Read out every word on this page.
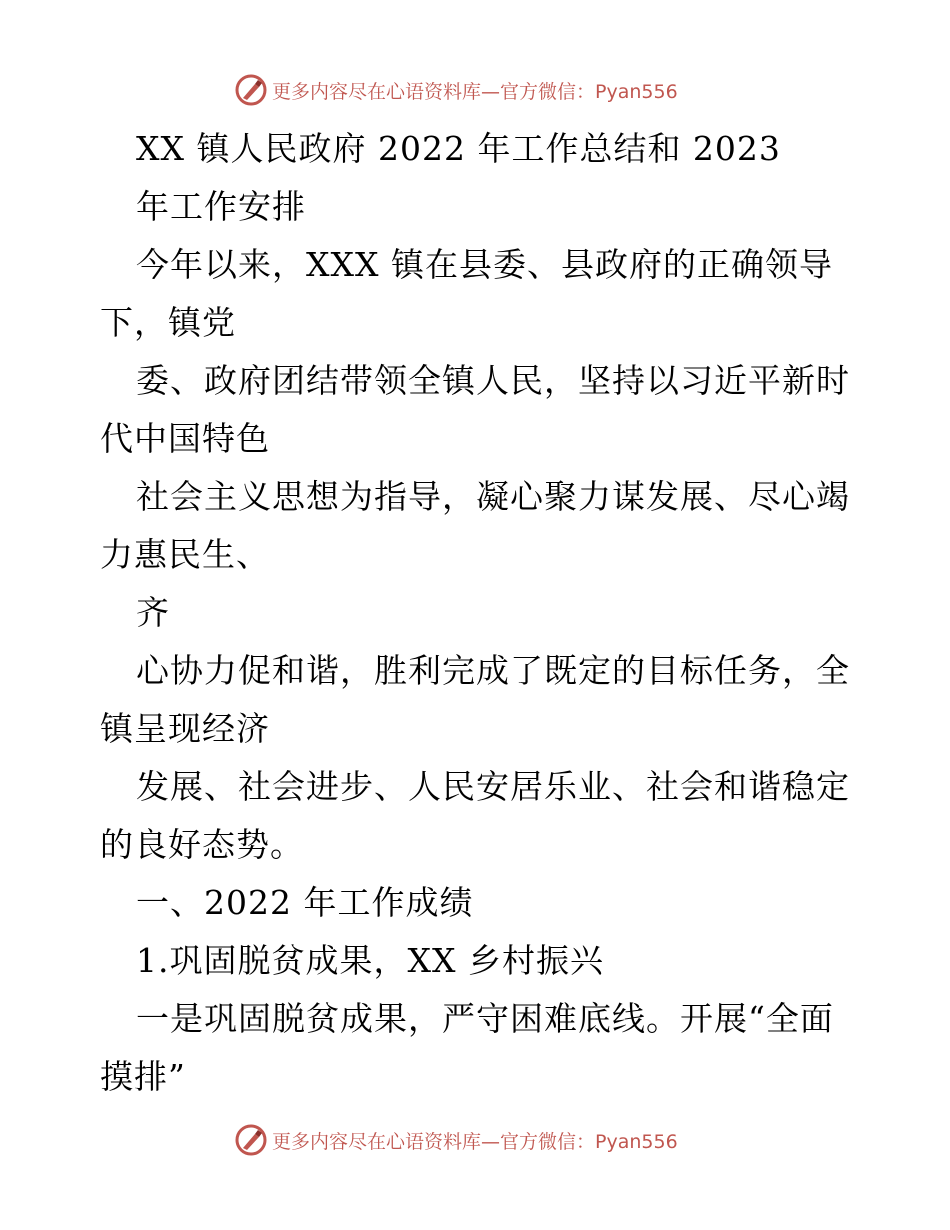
更多内容尽在心语资料库—官方微信：Pyan556
XX 镇人民政府 2022 年工作总结和 2023
年工作安排
今年以来，XXX 镇在县委、县政府的正确领导
下，镇党
委、政府团结带领全镇人民，坚持以习近平新时
代中国特色
社会主义思想为指导，凝心聚力谋发展、尽心竭
力惠民生、
齐
心协力促和谐，胜利完成了既定的目标任务，全
镇呈现经济
发展、社会进步、人民安居乐业、社会和谐稳定
的良好态势。
一、2022 年工作成绩
1.巩固脱贫成果，XX 乡村振兴
一是巩固脱贫成果，严守困难底线。开展“全面
摸排”
更多内容尽在心语资料库—官方微信：Pyan556
